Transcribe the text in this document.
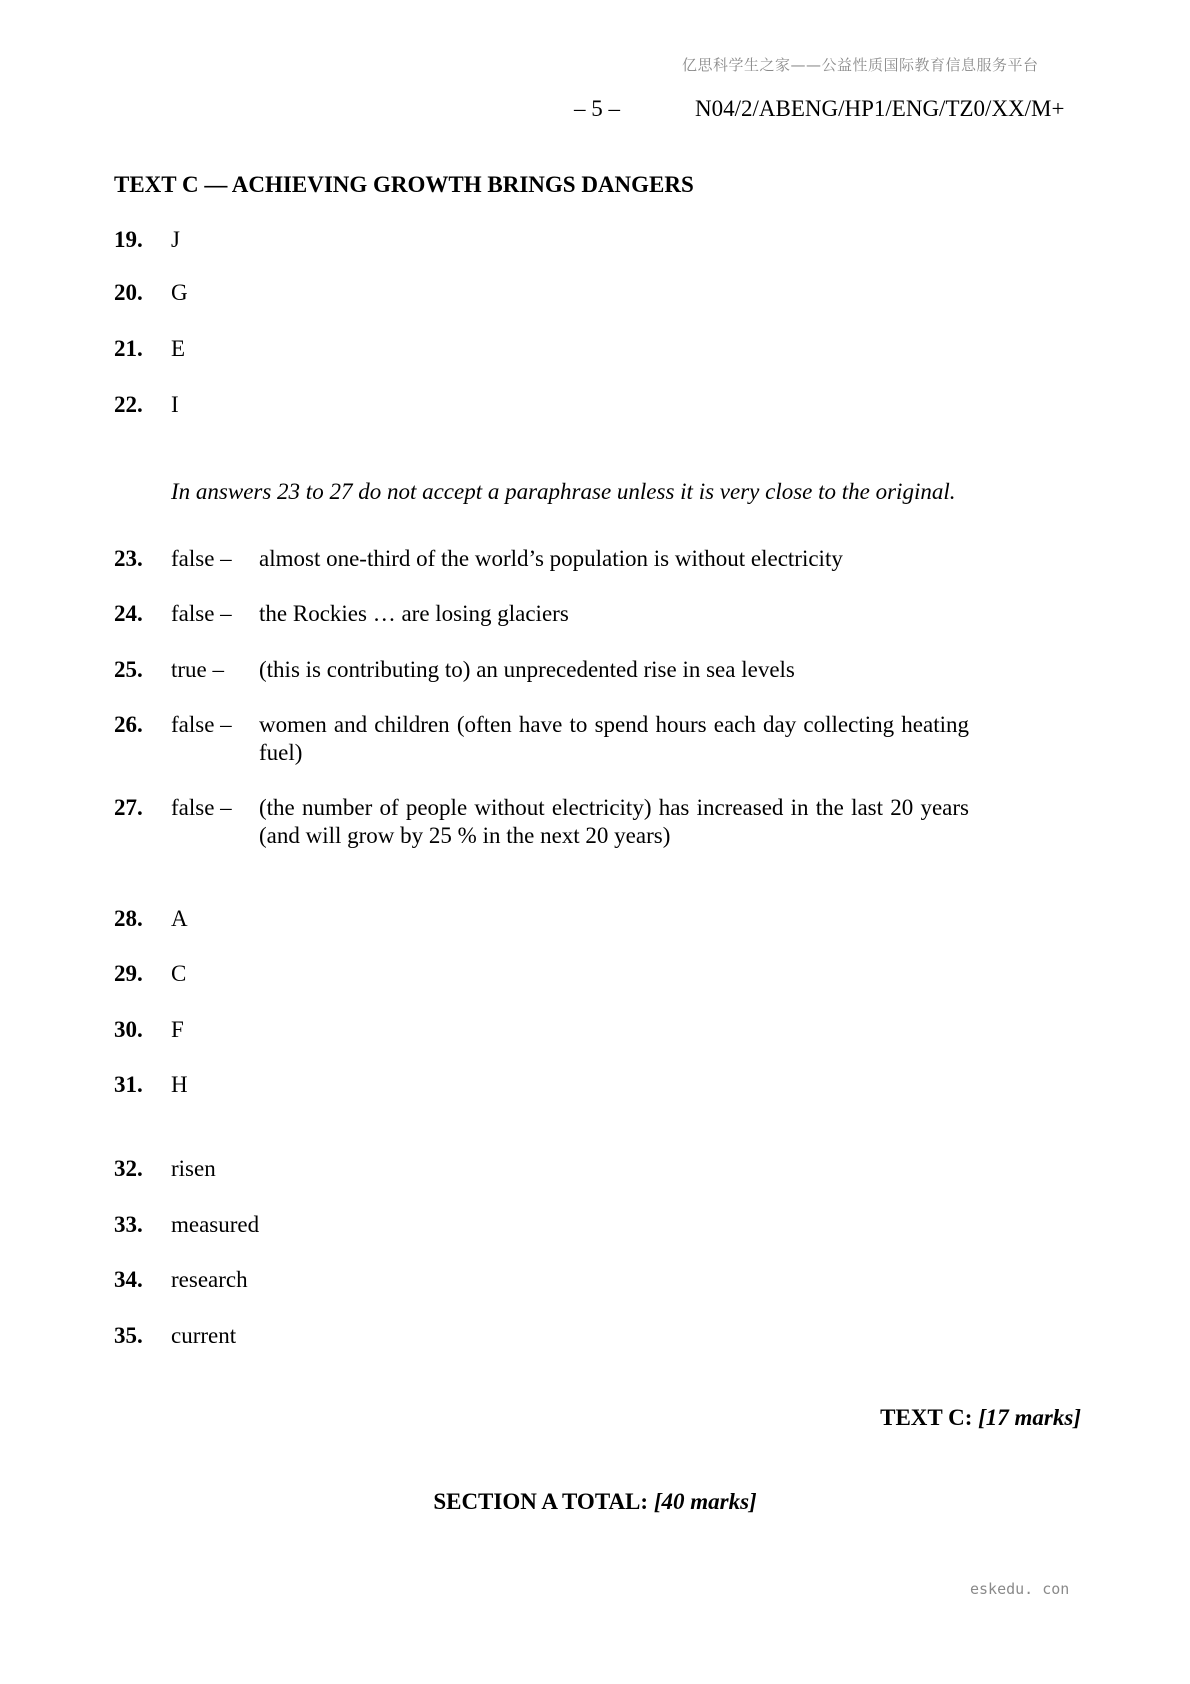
亿思科学生之家——公益性质国际教育信息服务平台
– 5 –	N04/2/ABENG/HP1/ENG/TZ0/XX/M+
TEXT C — ACHIEVING GROWTH BRINGS DANGERS
19. J
20. G
21. E
22. I
In answers 23 to 27 do not accept a paraphrase unless it is very close to the original.
23. false – almost one-third of the world’s population is without electricity
24. false – the Rockies … are losing glaciers
25. true – (this is contributing to) an unprecedented rise in sea levels
26. false – women and children (often have to spend hours each day collecting heating fuel)
27. false – (the number of people without electricity) has increased in the last 20 years (and will grow by 25 % in the next 20 years)
28. A
29. C
30. F
31. H
32. risen
33. measured
34. research
35. current
TEXT C: [17 marks]
SECTION A TOTAL: [40 marks]
eskedu. con
